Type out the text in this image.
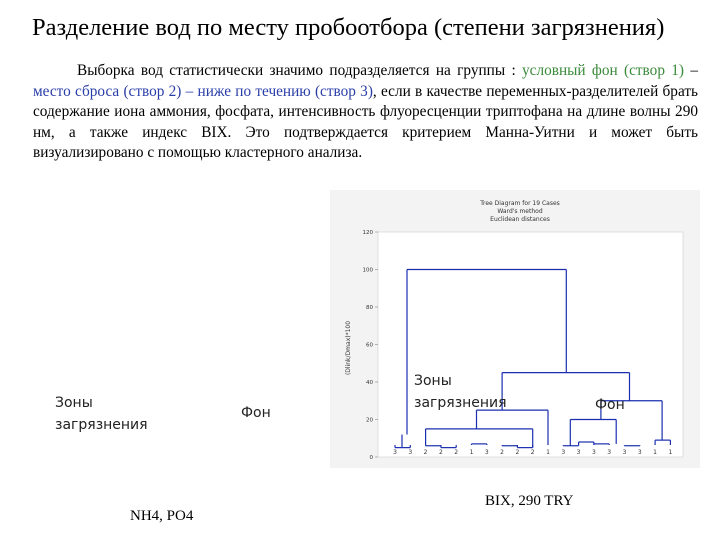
Разделение вод по месту пробоотбора (степени загрязнения)
Выборка вод статистически значимо подразделяется на группы : условный фон (створ 1) – место сброса (створ 2) – ниже по течению (створ 3), если в качестве переменных-разделителей брать содержание иона аммония, фосфата, интенсивность флуоресценции триптофана на длине волны 290 нм, а также индекс BIX. Это подтверждается критерием Манна-Уитни и может быть визуализировано с помощью кластерного анализа.
Tree Diagram for 19 Cases
Ward's method
Euclidean distances
(Dlink/Dmax)*100
0
20
40
60
80
100
120
3 3 2 2 2 1 3 2 2 2 1 3 3 3 3 3 3 1 1
Зоны
загрязнения
Фон
NH4, PO4
Зоны
загрязнения	Фон
BIX, 290 TRY
